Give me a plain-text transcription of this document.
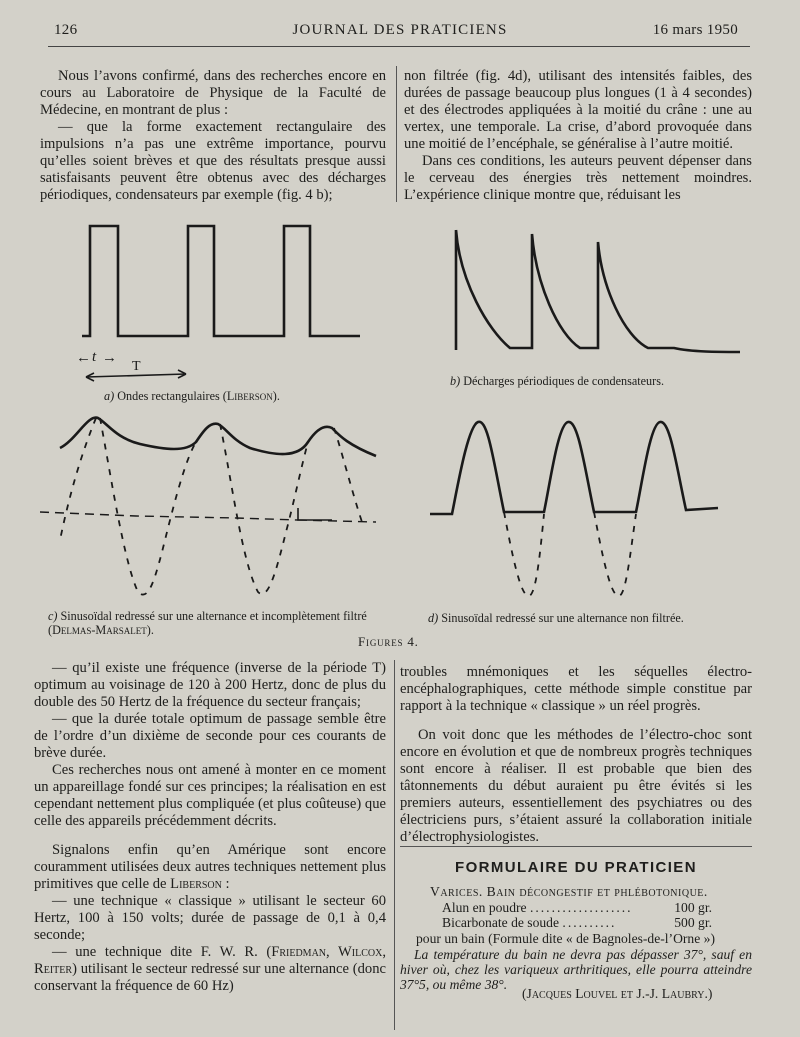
126	JOURNAL DES PRATICIENS	16 mars 1950

Nous l’avons confirmé, dans des recherches encore en cours au Laboratoire de Physique de la Faculté de Médecine, en montrant de plus :

— que la forme exactement rectangulaire des impulsions n’a pas une extrême importance, pourvu qu’elles soient brèves et que des résultats presque aussi satisfaisants peuvent être obtenus avec des décharges périodiques, condensateurs par exemple (fig. 4 b);

non filtrée (fig. 4d), utilisant des intensités faibles, des durées de passage beaucoup plus longues (1 à 4 secondes) et des électrodes appliquées à la moitié du crâne : une au vertex, une temporale. La crise, d’abord provoquée dans une moitié de l’encéphale, se généralise à l’autre moitié.

Dans ces conditions, les auteurs peuvent dépenser dans le cerveau des énergies très nettement moindres. L’expérience clinique montre que, réduisant les

← t →
T
a) Ondes rectangulaires (Liberson).
b) Décharges périodiques de condensateurs.
c) Sinusoïdal redressé sur une alternance et incomplètement filtré (Delmas-Marsalet).
d) Sinusoïdal redressé sur une alternance non filtrée.
Figures 4.

— qu’il existe une fréquence (inverse de la période T) optimum au voisinage de 120 à 200 Hertz, donc de plus du double des 50 Hertz de la fréquence du secteur français;

— que la durée totale optimum de passage semble être de l’ordre d’un dixième de seconde pour ces courants de brève durée.

Ces recherches nous ont amené à monter en ce moment un appareillage fondé sur ces principes; la réalisation en est cependant nettement plus compliquée (et plus coûteuse) que celle des appareils précédemment décrits.

Signalons enfin qu’en Amérique sont encore couramment utilisées deux autres techniques nettement plus primitives que celle de Liberson :

— une technique « classique » utilisant le secteur 60 Hertz, 100 à 150 volts; durée de passage de 0,1 à 0,4 seconde;

— une technique dite F. W. R. (Friedman, Wilcox, Reiter) utilisant le secteur redressé sur une alternance (donc conservant la fréquence de 60 Hz)

troubles mnémoniques et les séquelles électro-encéphalographiques, cette méthode simple constitue par rapport à la technique « classique » un réel progrès.

On voit donc que les méthodes de l’électro-choc sont encore en évolution et que de nombreux progrès techniques sont encore à réaliser. Il est probable que bien des tâtonnements du début auraient pu être évités si les premiers auteurs, essentiellement des psychiatres ou des électriciens purs, s’étaient assuré la collaboration initiale d’électrophysiologistes.

FORMULAIRE DU PRATICIEN
Varices. Bain décongestif et phlébotonique.
Alun en poudre ...................	100 gr.
Bicarbonate de soude ..........	500 gr.
pour un bain (Formule dite « de Bagnoles-de-l’Orne »)
La température du bain ne devra pas dépasser 37°, sauf en hiver où, chez les variqueux arthritiques, elle pourra atteindre 37°5, ou même 38°.
(Jacques Louvel et J.-J. Laubry.)
